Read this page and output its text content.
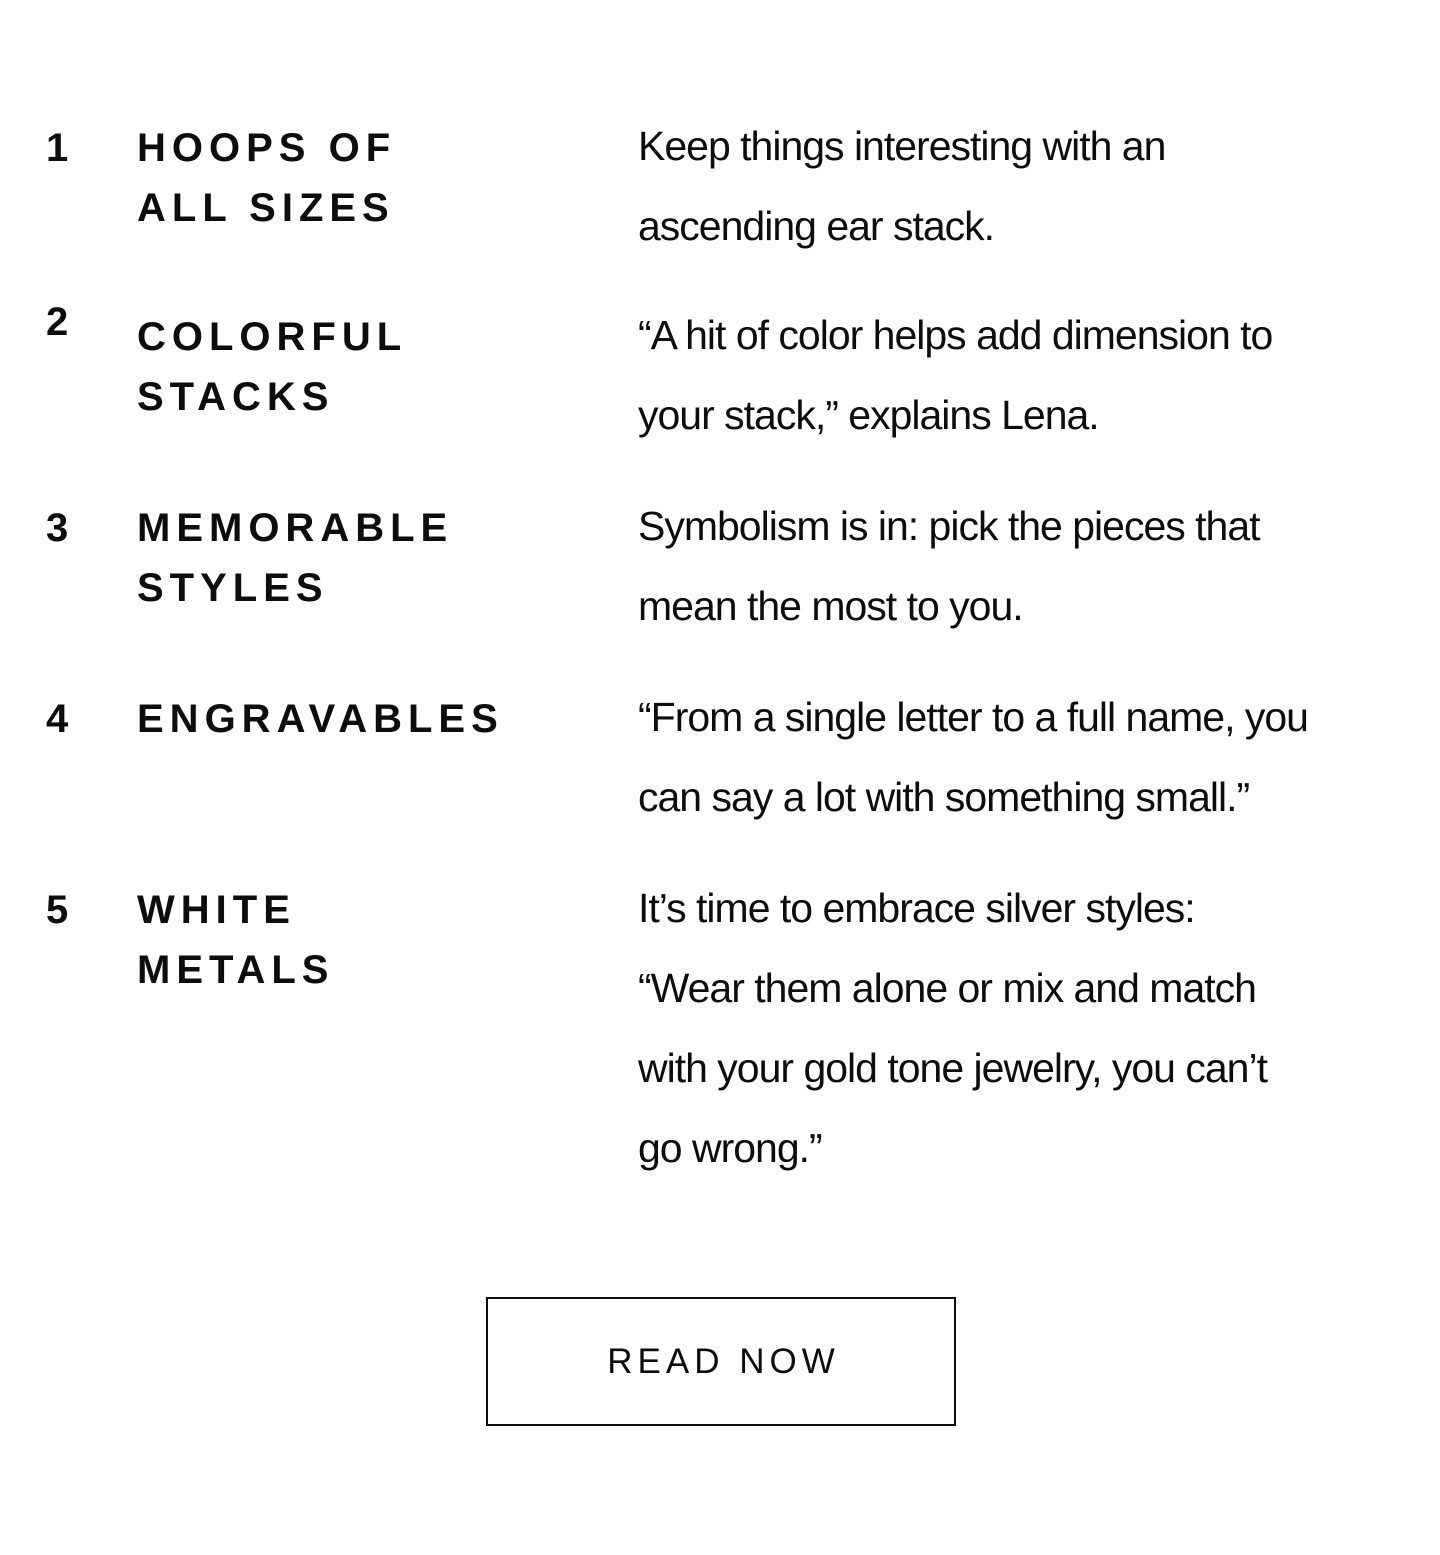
1 HOOPS OF
ALL SIZES

Keep things interesting with an
ascending ear stack.

2 COLORFUL
STACKS

“A hit of color helps add dimension to
your stack,” explains Lena.

3 MEMORABLE
STYLES

Symbolism is in: pick the pieces that
mean the most to you.

4 ENGRAVABLES	“From a single letter to a full name, you
can say a lot with something small.”

5 WHITE
METALS

It’s time to embrace silver styles:
“Wear them alone or mix and match
with your gold tone jewelry, you can’t
go wrong.”

READ NOW
